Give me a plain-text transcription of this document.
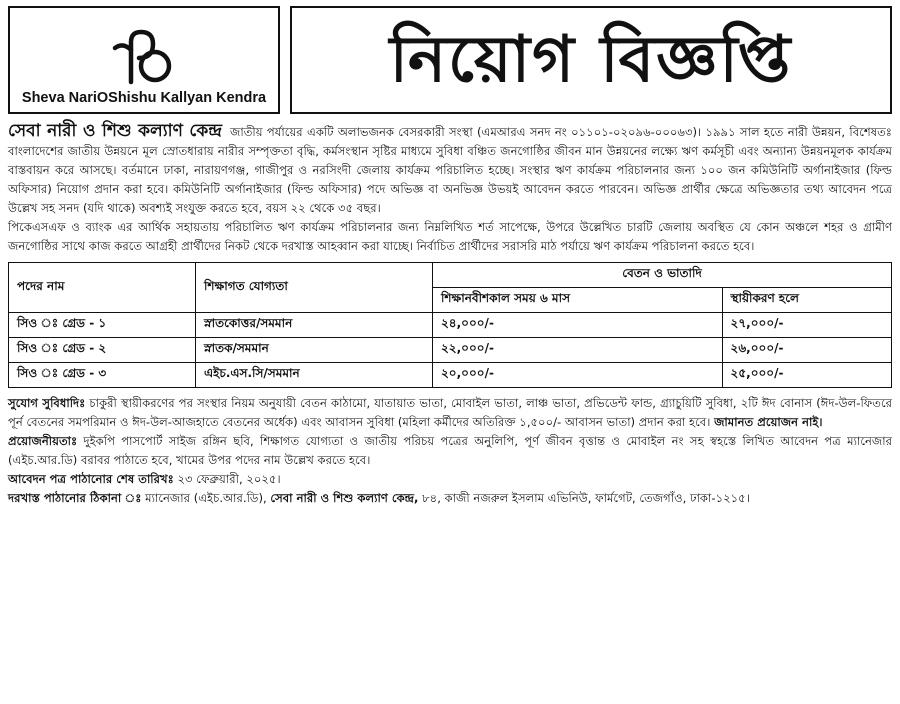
Sheva NariOShishu Kallyan Kendra
নিয়োগ বিজ্ঞপ্তি

সেবা নারী ও শিশু কল্যাণ কেন্দ্র জাতীয় পর্যায়ের একটি অলাভজনক বেসরকারী সংস্থা (এমআরএ সনদ নং ০১১০১-০২০৯৬-০০০৬৩)। ১৯৯১ সাল হতে নারী উন্নয়ন, বিশেষতঃ বাংলাদেশের জাতীয় উন্নয়নে মূল স্রোতধারায় নারীর সম্পৃক্ততা বৃদ্ধি, কর্মসংস্থান সৃষ্টির মাধ্যমে সুবিধা বঞ্চিত জনগোষ্ঠির জীবন মান উন্নয়নের লক্ষ্যে ঋণ কর্মসূচী এবং অন্যান্য উন্নয়নমূলক কার্যক্রম বাস্তবায়ন করে আসছে। বর্তমানে ঢাকা, নারায়ণগঞ্জ, গাজীপুর ও নরসিংদী জেলায় কার্যক্রম পরিচালিত হচ্ছে। সংস্থার ঋণ কার্যক্রম পরিচালনার জন্য ১০০ জন কমিউনিটি অর্গানাইজার (ফিল্ড অফিসার) নিয়োগ প্রদান করা হবে। কমিউনিটি অর্গানাইজার (ফিল্ড অফিসার) পদে অভিজ্ঞ বা অনভিজ্ঞ উভয়ই আবেদন করতে পারবেন। অভিজ্ঞ প্রার্থীর ক্ষেত্রে অভিজ্ঞতার তথ্য আবেদন পত্রে উল্লেখ সহ সনদ (যদি থাকে) অবশ্যই সংযুক্ত করতে হবে, বয়স ২২ থেকে ৩৫ বছর।

পিকেএসএফ ও ব্যাংক এর আর্থিক সহায়তায় পরিচালিত ঋণ কার্যক্রম পরিচালনার জন্য নিম্নলিখিত শর্ত সাপেক্ষে, উপরে উল্লেখিত চারটি জেলায় অবস্থিত যে কোন অঞ্চলে শহর ও গ্রামীণ জনগোষ্ঠির সাথে কাজ করতে আগ্রহী প্রার্থীদের নিকট থেকে দরখাস্ত আহব্বান করা যাচ্ছে। নির্বাচিত প্রার্থীদের সরাসরি মাঠ পর্যায়ে ঋণ কার্যক্রম পরিচালনা করতে হবে।

পদের নাম	শিক্ষাগত যোগ্যতা	বেতন ও ভাতাদি	
		শিক্ষানবীশকাল সময় ৬ মাস	স্থায়ীকরণ হলে
সিও ঃ গ্রেড - ১	স্নাতকোত্তর/সমমান	২৪,০০০/-	২৭,০০০/-
সিও ঃ গ্রেড - ২	স্নাতক/সমমান	২২,০০০/-	২৬,০০০/-
সিও ঃ গ্রেড - ৩	এইচ.এস.সি/সমমান	২০,০০০/-	২৫,০০০/-

সুযোগ সুবিধাদিঃ চাকুরী স্থায়ীকরণের পর সংস্থার নিয়ম অনুযায়ী বেতন কাঠামো, যাতায়াত ভাতা, মোবাইল ভাতা, লাঞ্চ ভাতা, প্রভিডেন্ট ফান্ড, গ্র্যাচুয়িটি সুবিধা, ২টি ঈদ বোনাস (ঈদ-উল-ফিতরে পূর্ন বেতনের সমপরিমান ও ঈদ-উল-আজহাতে বেতনের অর্ধেক) এবং আবাসন সুবিধা (মহিলা কর্মীদের অতিরিক্ত ১,৫০০/- আবাসন ভাতা) প্রদান করা হবে। জামানত প্রয়োজন নাই।

প্রয়োজনীয়তাঃ দুইকপি পাসপোর্ট সাইজ রঙ্গিন ছবি, শিক্ষাগত যোগ্যতা ও জাতীয় পরিচয় পত্রের অনুলিপি, পূর্ণ জীবন বৃত্তান্ত ও মোবাইল নং সহ স্বহস্তে লিখিত আবেদন পত্র ম্যানেজার (এইচ.আর.ডি) বরাবর পাঠাতে হবে, খামের উপর পদের নাম উল্লেখ করতে হবে।

আবেদন পত্র পাঠানোর শেষ তারিখঃ ২৩ ফেব্রুয়ারী, ২০২৫।

দরখাস্ত পাঠানোর ঠিকানা ঃ ম্যানেজার (এইচ.আর.ডি), সেবা নারী ও শিশু কল্যাণ কেন্দ্র, ৮৪, কাজী নজরুল ইসলাম এভিনিউ, ফার্মগেট, তেজগাঁও, ঢাকা-১২১৫।
